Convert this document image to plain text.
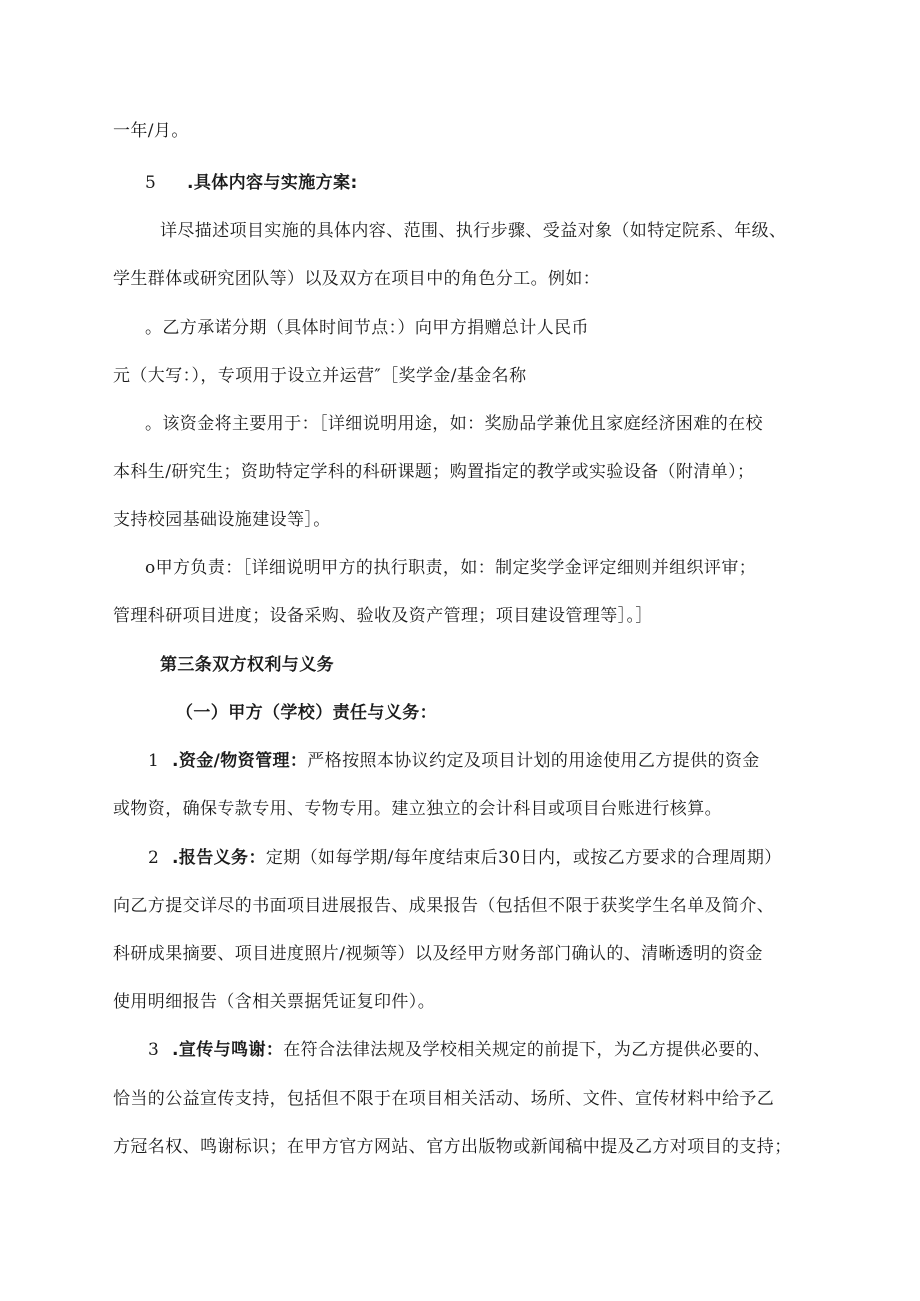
一年/月。
5 .具体内容与实施方案:
详尽描述项目实施的具体内容、范围、执行步骤、受益对象（如特定院系、年级、
学生群体或研究团队等）以及双方在项目中的角色分工。例如：
。乙方承诺分期（具体时间节点：）向甲方捐赠总计人民币
元（大写：），专项用于设立并运营″［奖学金/基金名称
。该资金将主要用于：［详细说明用途，如：奖励品学兼优且家庭经济困难的在校
本科生/研究生；资助特定学科的科研课题；购置指定的教学或实验设备（附清单）；
支持校园基础设施建设等］。
o甲方负责：［详细说明甲方的执行职责，如：制定奖学金评定细则并组织评审；
管理科研项目进度；设备采购、验收及资产管理；项目建设管理等］。］
第三条双方权利与义务
（一）甲方（学校）责任与义务：
1 .资金/物资管理：严格按照本协议约定及项目计划的用途使用乙方提供的资金
或物资，确保专款专用、专物专用。建立独立的会计科目或项目台账进行核算。
2 .报告义务：定期（如每学期/每年度结束后30日内，或按乙方要求的合理周期）
向乙方提交详尽的书面项目进展报告、成果报告（包括但不限于获奖学生名单及简介、
科研成果摘要、项目进度照片/视频等）以及经甲方财务部门确认的、清晰透明的资金
使用明细报告（含相关票据凭证复印件）。
3 .宣传与鸣谢：在符合法律法规及学校相关规定的前提下，为乙方提供必要的、
恰当的公益宣传支持，包括但不限于在项目相关活动、场所、文件、宣传材料中给予乙
方冠名权、鸣谢标识；在甲方官方网站、官方出版物或新闻稿中提及乙方对项目的支持；
